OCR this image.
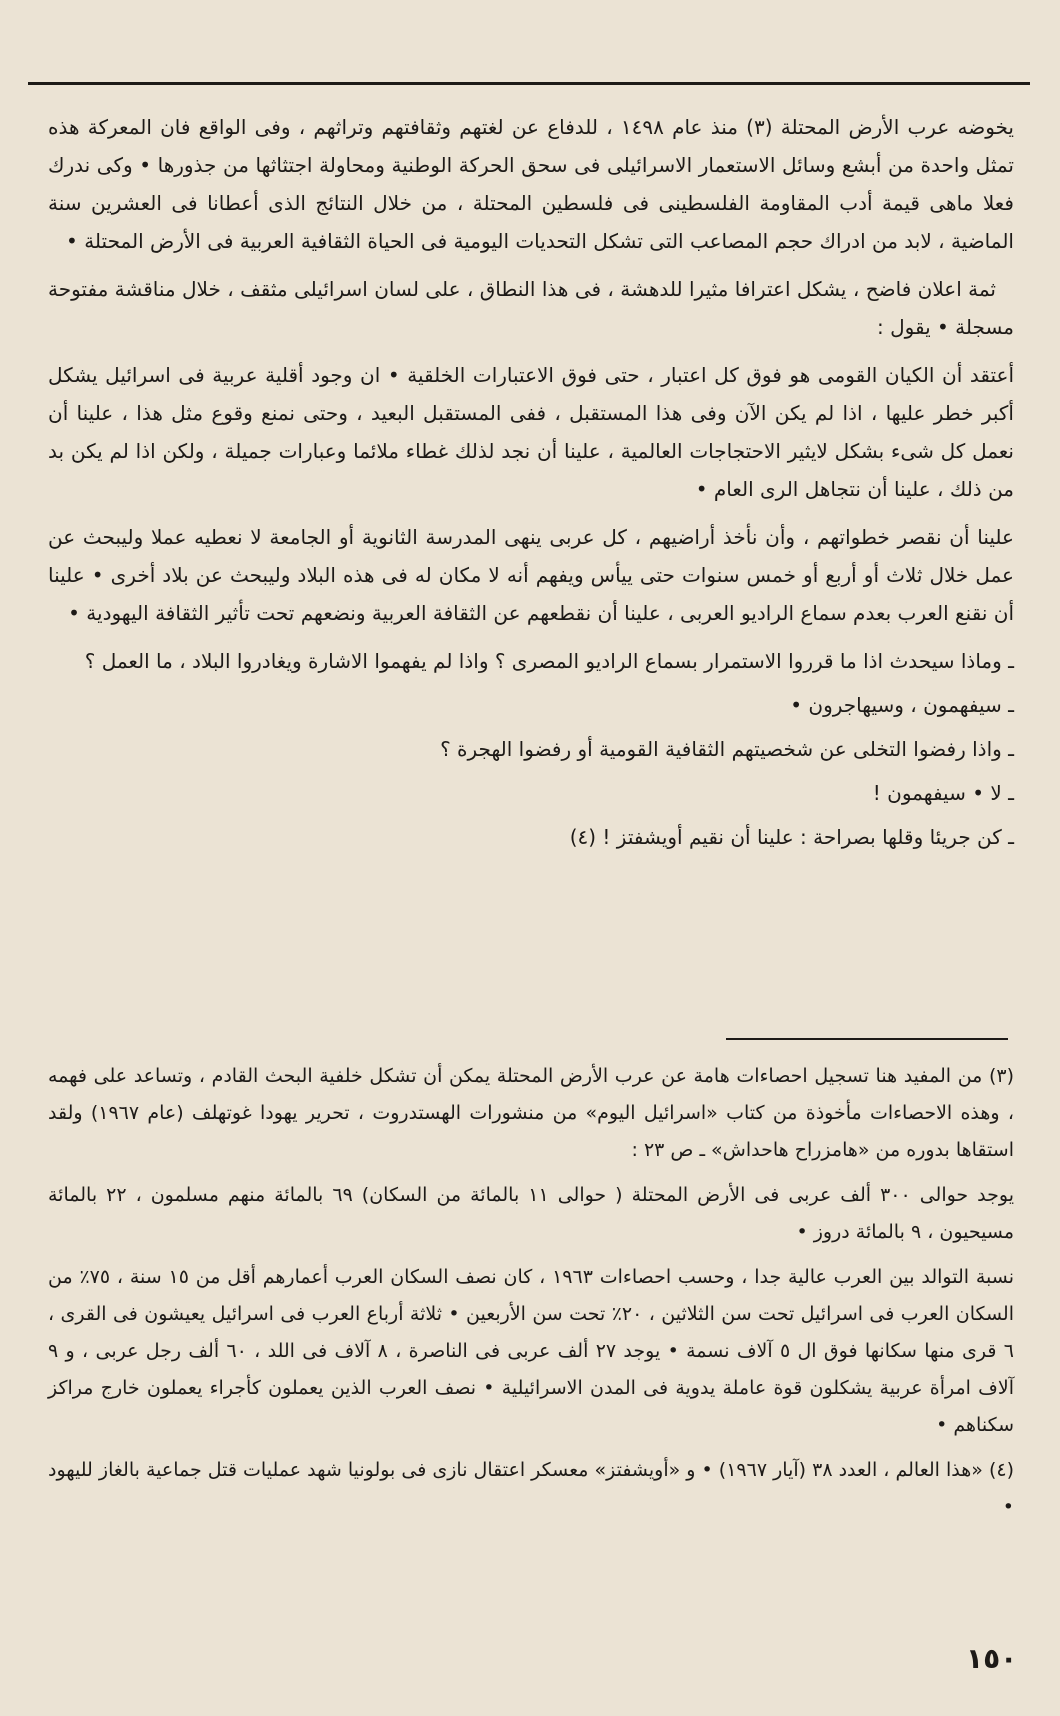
يخوضه عرب الأرض المحتلة (٣) منذ عام ١٤٩٨ ، للدفاع عن لغتهم وثقافتهم وتراثهم ، وفى الواقع فان المعركة هذه تمثل واحدة من أبشع وسائل الاستعمار الاسرائيلى فى سحق الحركة الوطنية ومحاولة اجتثاثها من جذورها • وكى ندرك فعلا ماهى قيمة أدب المقاومة الفلسطينى فى فلسطين المحتلة ، من خلال النتائج الذى أعطانا فى العشرين سنة الماضية ، لابد من ادراك حجم المصاعب التى تشكل التحديات اليومية فى الحياة الثقافية العربية فى الأرض المحتلة •

ثمة اعلان فاضح ، يشكل اعترافا مثيرا للدهشة ، فى هذا النطاق ، على لسان اسرائيلى مثقف ، خلال مناقشة مفتوحة مسجلة • يقول :

أعتقد أن الكيان القومى هو فوق كل اعتبار ، حتى فوق الاعتبارات الخلقية • ان وجود أقلية عربية فى اسرائيل يشكل أكبر خطر عليها ، اذا لم يكن الآن وفى هذا المستقبل ، ففى المستقبل البعيد ، وحتى نمنع وقوع مثل هذا ، علينا أن نعمل كل شىء بشكل لايثير الاحتجاجات العالمية ، علينا أن نجد لذلك غطاء ملائما وعبارات جميلة ، ولكن اذا لم يكن بد من ذلك ، علينا أن نتجاهل الرى العام •

علينا أن نقصر خطواتهم ، وأن نأخذ أراضيهم ، كل عربى ينهى المدرسة الثانوية أو الجامعة لا نعطيه عملا وليبحث عن عمل خلال ثلاث أو أربع أو خمس سنوات حتى ييأس ويفهم أنه لا مكان له فى هذه البلاد وليبحث عن بلاد أخرى • علينا أن نقنع العرب بعدم سماع الراديو العربى ، علينا أن نقطعهم عن الثقافة العربية ونضعهم تحت تأثير الثقافة اليهودية •

ـ وماذا سيحدث اذا ما قرروا الاستمرار بسماع الراديو المصرى ؟ واذا لم يفهموا الاشارة ويغادروا البلاد ، ما العمل ؟

ـ سيفهمون ، وسيهاجرون •

ـ واذا رفضوا التخلى عن شخصيتهم الثقافية القومية أو رفضوا الهجرة ؟

ـ لا • سيفهمون !

ـ كن جريئا وقلها بصراحة : علينا أن نقيم أويشفتز ! (٤)

(٣) من المفيد هنا تسجيل احصاءات هامة عن عرب الأرض المحتلة يمكن أن تشكل خلفية البحث القادم ، وتساعد على فهمه ، وهذه الاحصاءات مأخوذة من كتاب «اسرائيل اليوم» من منشورات الهستدروت ، تحرير يهودا غوتهلف (عام ١٩٦٧) ولقد استقاها بدوره من «هامزراح هاحداش» ـ ص ٢٣ :

يوجد حوالى ٣٠٠ ألف عربى فى الأرض المحتلة ( حوالى ١١ بالمائة من السكان) ٦٩ بالمائة منهم مسلمون ، ٢٢ بالمائة مسيحيون ، ٩ بالمائة دروز •

نسبة التوالد بين العرب عالية جدا ، وحسب احصاءات ١٩٦٣ ، كان نصف السكان العرب أعمارهم أقل من ١٥ سنة ، ٧٥٪ من السكان العرب فى اسرائيل تحت سن الثلاثين ، ٢٠٪ تحت سن الأربعين • ثلاثة أرباع العرب فى اسرائيل يعيشون فى القرى ، ٦ قرى منها سكانها فوق ال ٥ آلاف نسمة • يوجد ٢٧ ألف عربى فى الناصرة ، ٨ آلاف فى اللد ، ٦٠ ألف رجل عربى ، و ٩ آلاف امرأة عربية يشكلون قوة عاملة يدوية فى المدن الاسرائيلية • نصف العرب الذين يعملون كأجراء يعملون خارج مراكز سكناهم •

(٤) «هذا العالم ، العدد ٣٨ (آيار ١٩٦٧) • و «أويشفتز» معسكر اعتقال نازى فى بولونيا شهد عمليات قتل جماعية بالغاز لليهود •

١٥٠
